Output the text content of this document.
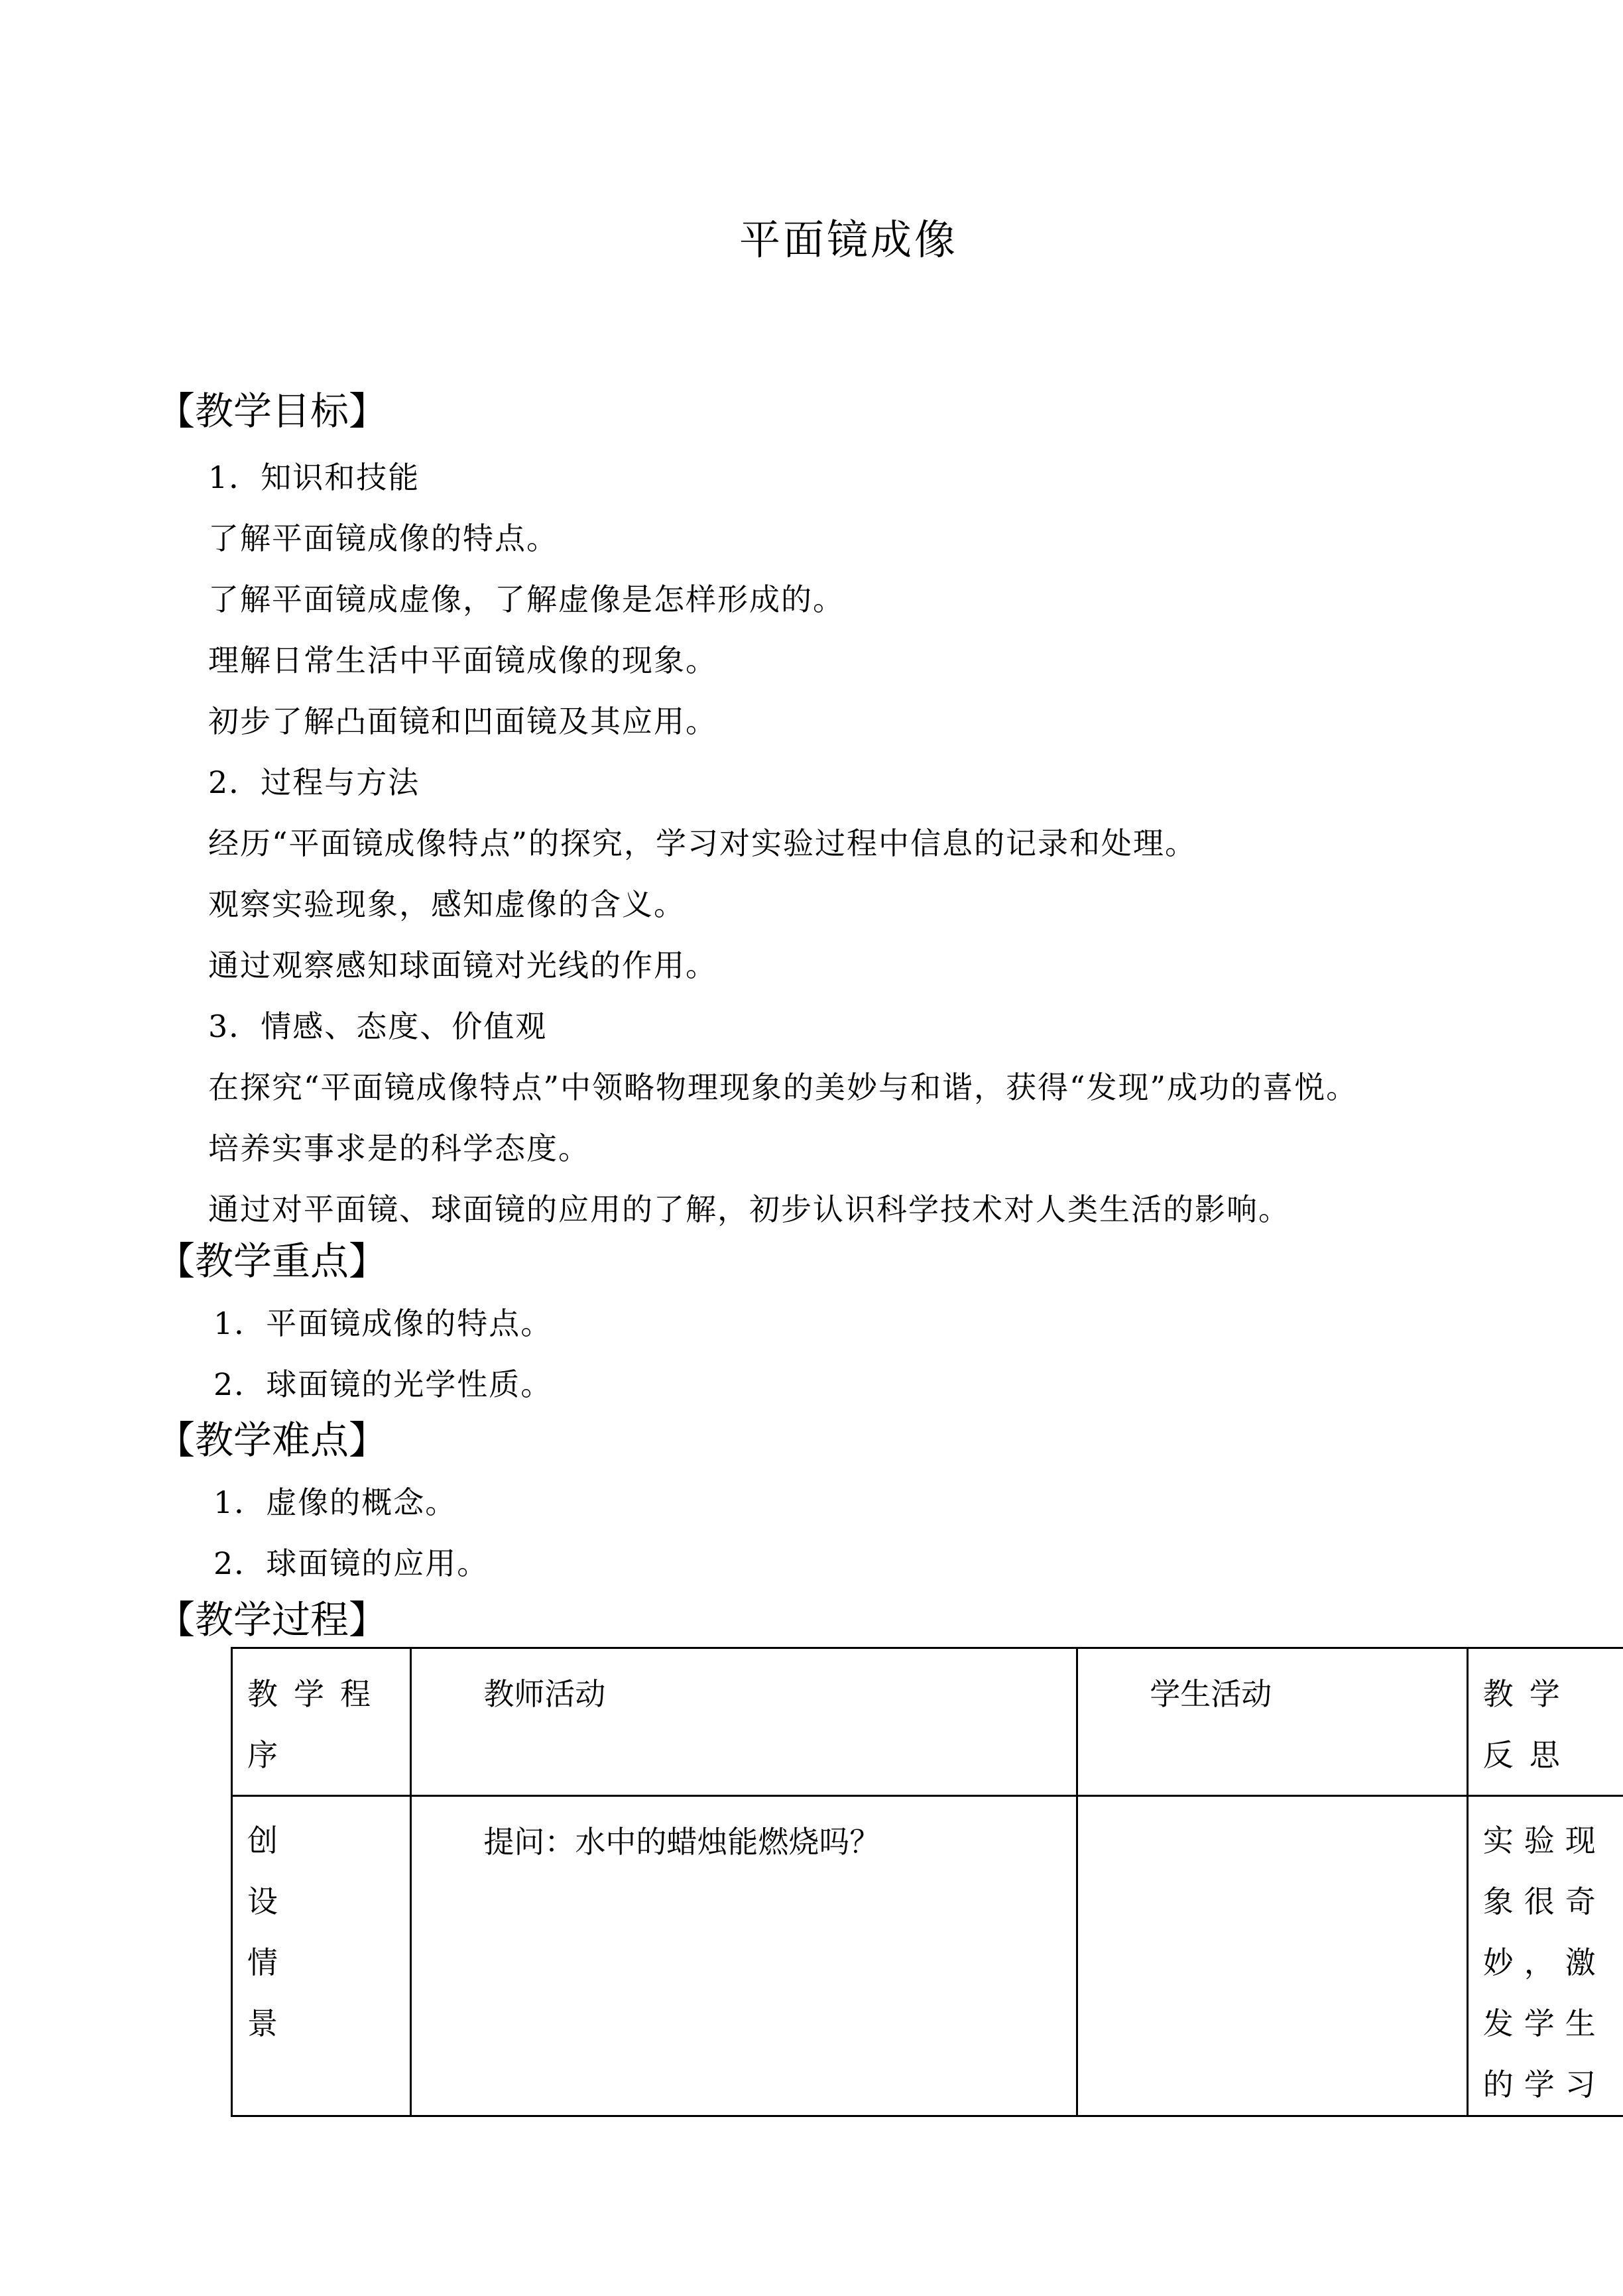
平面镜成像
【教学目标】
1．知识和技能
了解平面镜成像的特点。
了解平面镜成虚像，了解虚像是怎样形成的。
理解日常生活中平面镜成像的现象。
初步了解凸面镜和凹面镜及其应用。
2．过程与方法
经历“平面镜成像特点”的探究，学习对实验过程中信息的记录和处理。
观察实验现象，感知虚像的含义。
通过观察感知球面镜对光线的作用。
3．情感、态度、价值观
在探究“平面镜成像特点”中领略物理现象的美妙与和谐，获得“发现”成功的喜悦。
培养实事求是的科学态度。
通过对平面镜、球面镜的应用的了解，初步认识科学技术对人类生活的影响。
【教学重点】
1．平面镜成像的特点。
2．球面镜的光学性质。
【教学难点】
1．虚像的概念。
2．球面镜的应用。
【教学过程】
教学程序	教师活动	学生活动	教学反思

创设情景	提问：水中的蜡烛能燃烧吗？		实验现象很奇妙，激发学生的学习
